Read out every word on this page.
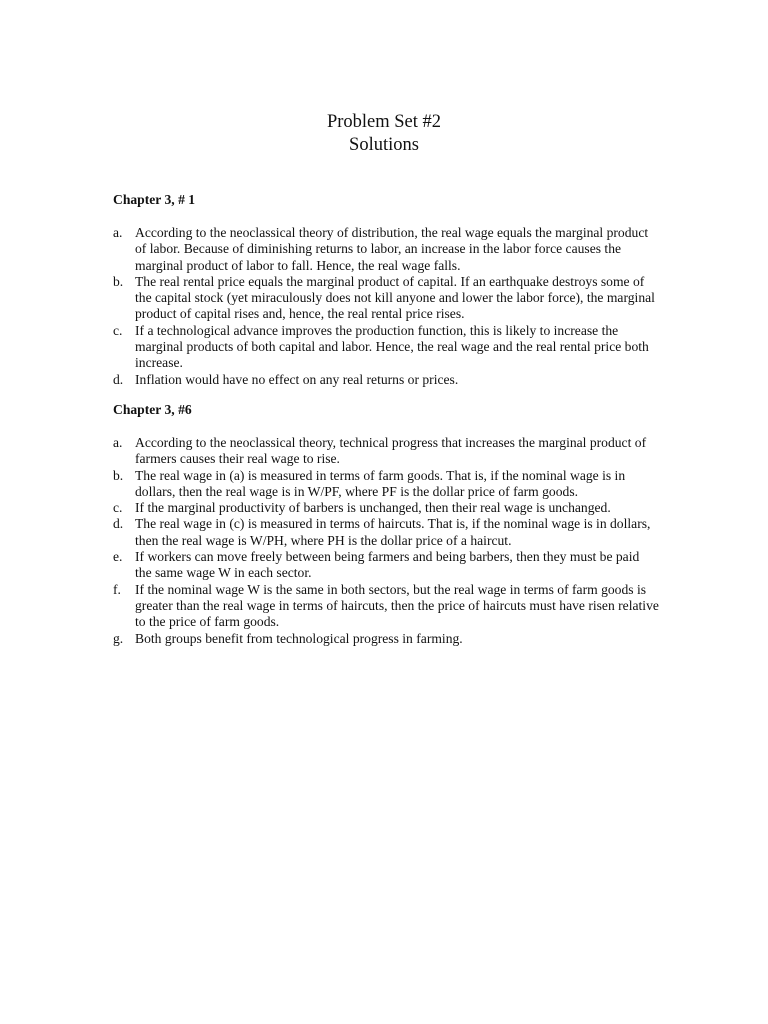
Problem Set #2
Solutions
Chapter 3, # 1
a. According to the neoclassical theory of distribution, the real wage equals the marginal product of labor. Because of diminishing returns to labor, an increase in the labor force causes the marginal product of labor to fall. Hence, the real wage falls.
b. The real rental price equals the marginal product of capital. If an earthquake destroys some of the capital stock (yet miraculously does not kill anyone and lower the labor force), the marginal product of capital rises and, hence, the real rental price rises.
c. If a technological advance improves the production function, this is likely to increase the marginal products of both capital and labor. Hence, the real wage and the real rental price both increase.
d. Inflation would have no effect on any real returns or prices.
Chapter 3, #6
a. According to the neoclassical theory, technical progress that increases the marginal product of farmers causes their real wage to rise.
b. The real wage in (a) is measured in terms of farm goods. That is, if the nominal wage is in dollars, then the real wage is in W/PF, where PF is the dollar price of farm goods.
c. If the marginal productivity of barbers is unchanged, then their real wage is unchanged.
d. The real wage in (c) is measured in terms of haircuts. That is, if the nominal wage is in dollars, then the real wage is W/PH, where PH is the dollar price of a haircut.
e. If workers can move freely between being farmers and being barbers, then they must be paid the same wage W in each sector.
f. If the nominal wage W is the same in both sectors, but the real wage in terms of farm goods is greater than the real wage in terms of haircuts, then the price of haircuts must have risen relative to the price of farm goods.
g. Both groups benefit from technological progress in farming.
